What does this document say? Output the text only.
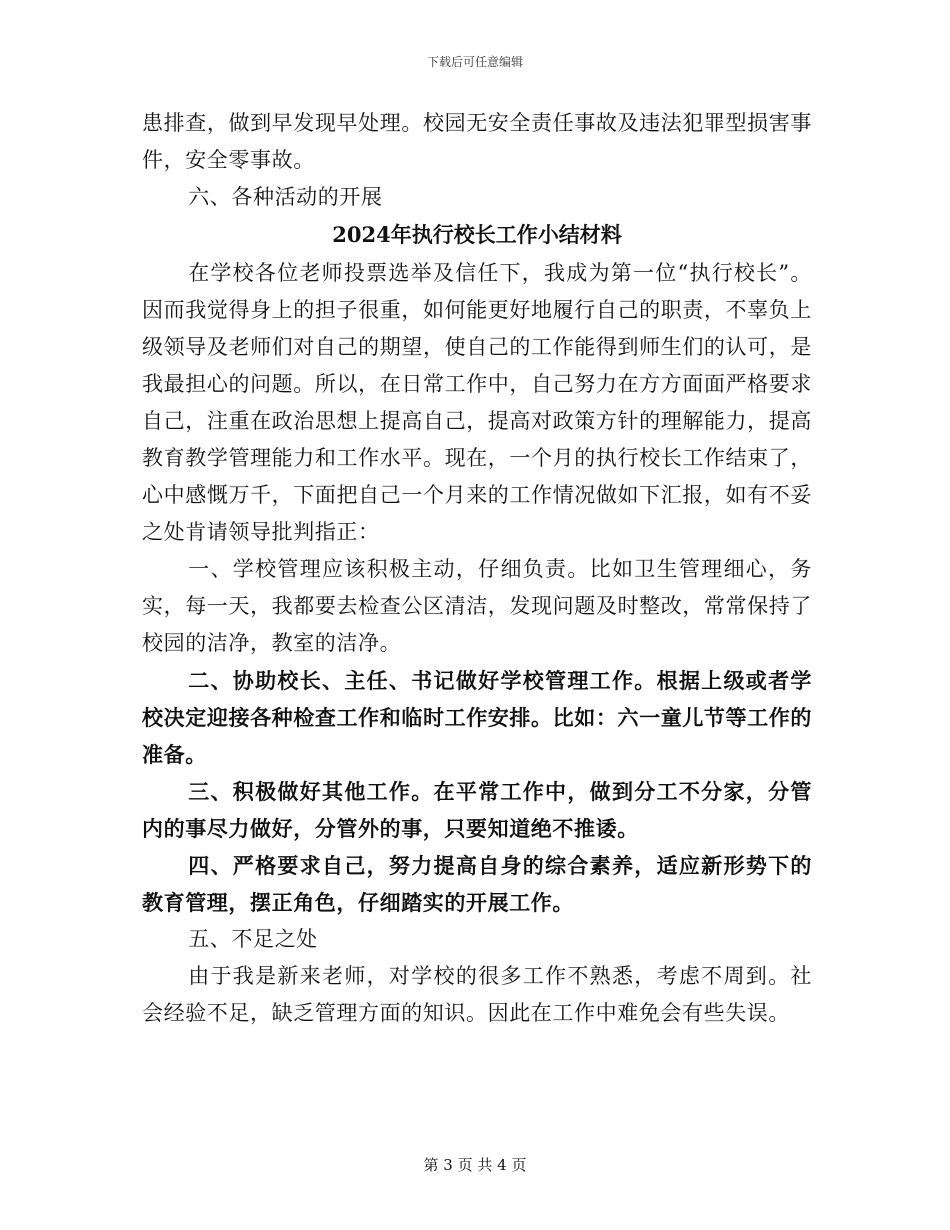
下载后可任意编辑

患排查，做到早发现早处理。校园无安全责任事故及违法犯罪型损害事件，安全零事故。

六、各种活动的开展

2024年执行校长工作小结材料

在学校各位老师投票选举及信任下，我成为第一位“执行校长”。因而我觉得身上的担子很重，如何能更好地履行自己的职责，不辜负上级领导及老师们对自己的期望，使自己的工作能得到师生们的认可，是我最担心的问题。所以，在日常工作中，自己努力在方方面面严格要求自己，注重在政治思想上提高自己，提高对政策方针的理解能力，提高教育教学管理能力和工作水平。现在，一个月的执行校长工作结束了，心中感慨万千，下面把自己一个月来的工作情况做如下汇报，如有不妥之处肯请领导批判指正：

一、学校管理应该积极主动，仔细负责。比如卫生管理细心，务实，每一天，我都要去检查公区清洁，发现问题及时整改，常常保持了校园的洁净，教室的洁净。

二、协助校长、主任、书记做好学校管理工作。根据上级或者学校决定迎接各种检查工作和临时工作安排。比如：六一童儿节等工作的准备。

三、积极做好其他工作。在平常工作中，做到分工不分家，分管内的事尽力做好，分管外的事，只要知道绝不推诿。

四、严格要求自己，努力提高自身的综合素养，适应新形势下的教育管理，摆正角色，仔细踏实的开展工作。

五、不足之处

由于我是新来老师，对学校的很多工作不熟悉，考虑不周到。社会经验不足，缺乏管理方面的知识。因此在工作中难免会有些失误。

第 3 页 共 4 页
